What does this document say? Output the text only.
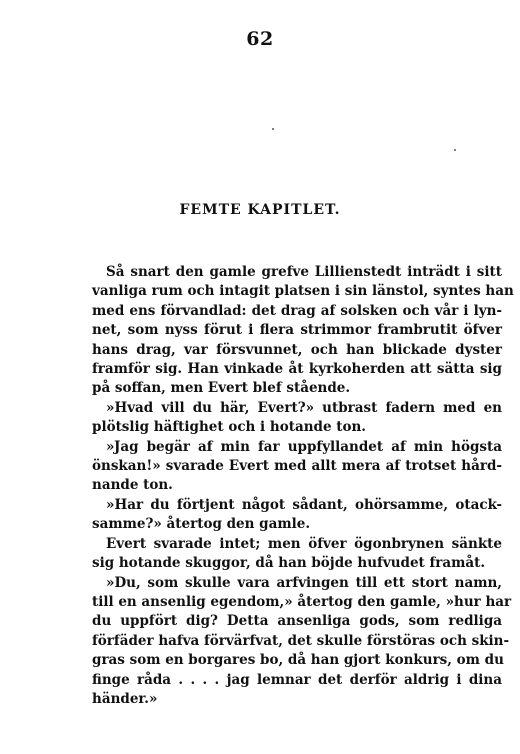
62
FEMTE KAPITLET.
Så snart den gamle grefve Lillienstedt inträdt i sitt
vanliga rum och intagit platsen i sin länstol, syntes han
med ens förvandlad: det drag af solsken och vår i lyn-
net, som nyss förut i flera strimmor frambrutit öfver
hans drag, var försvunnet, och han blickade dyster
framför sig. Han vinkade åt kyrkoherden att sätta sig
på soffan, men Evert blef stående.
»Hvad vill du här, Evert?» utbrast fadern med en
plötslig häftighet och i hotande ton.
»Jag begär af min far uppfyllandet af min högsta
önskan!» svarade Evert med allt mera af trotset hård-
nande ton.
»Har du förtjent något sådant, ohörsamme, otack-
samme?» återtog den gamle.
Evert svarade intet; men öfver ögonbrynen sänkte
sig hotande skuggor, då han böjde hufvudet framåt.
»Du, som skulle vara arfvingen till ett stort namn,
till en ansenlig egendom,» återtog den gamle, »hur har
du uppfört dig? Detta ansenliga gods, som redliga
förfäder hafva förvärfvat, det skulle förstöras och skin-
gras som en borgares bo, då han gjort konkurs, om du
finge råda . . . . jag lemnar det derför aldrig i dina
händer.»
